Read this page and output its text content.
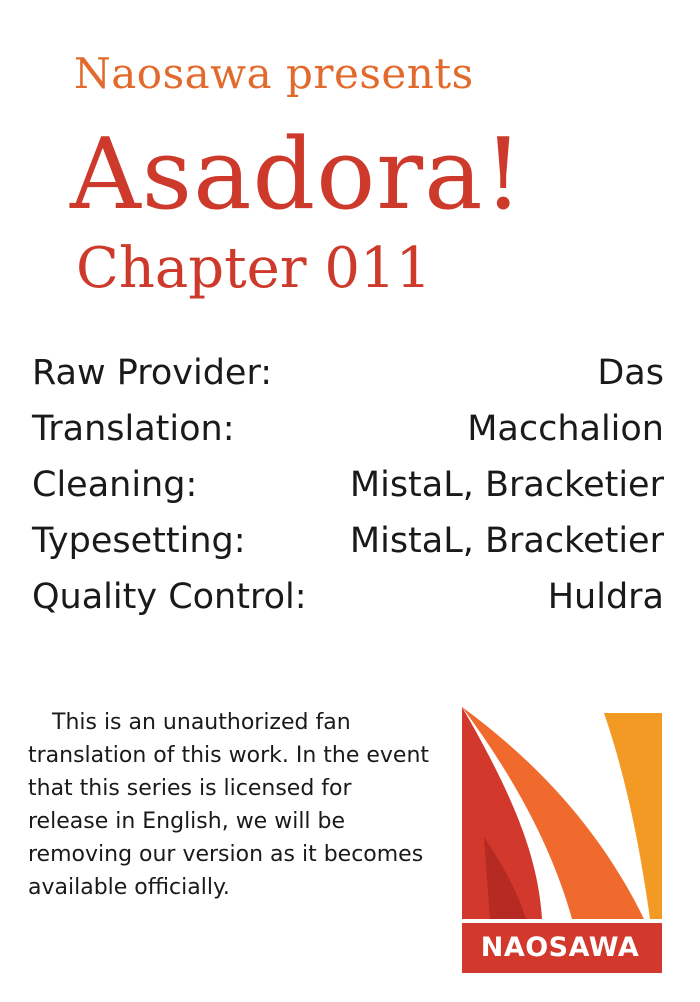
Naosawa presents
Asadora!
Chapter 011
Raw Provider:	Das
Translation:	Macchalion
Cleaning:	MistaL, Bracketier
Typesetting:	MistaL, Bracketier
Quality Control:	Huldra
This is an unauthorized fan translation of this work. In the event that this series is licensed for release in English, we will be removing our version as it becomes available officially.
NAOSAWA
